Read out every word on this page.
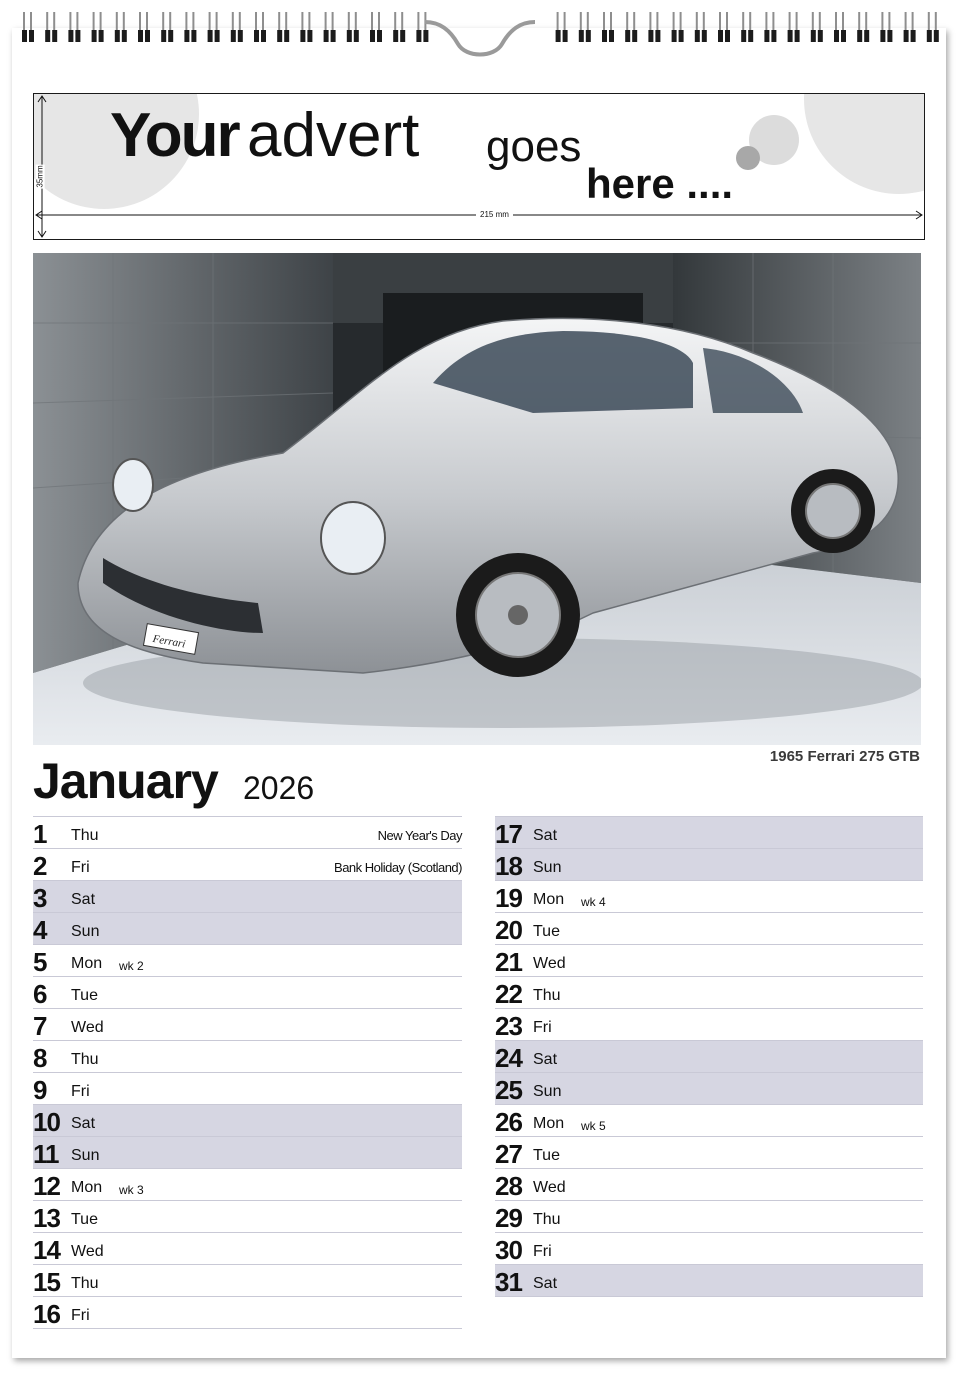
Your advert goes
here ....
35mm
215 mm
Ferrari
1965 Ferrari 275 GTB
January 2026
1 Thu	New Year's Day
2 Fri	Bank Holiday (Scotland)
3 Sat
4 Sun
5 Mon wk 2
6 Tue
7 Wed
8 Thu
9 Fri
10 Sat
11 Sun
12 Mon wk 3
13 Tue
14 Wed
15 Thu
16 Fri
17 Sat
18 Sun
19 Mon wk 4
20 Tue
21 Wed
22 Thu
23 Fri
24 Sat
25 Sun
26 Mon wk 5
27 Tue
28 Wed
29 Thu
30 Fri
31 Sat
